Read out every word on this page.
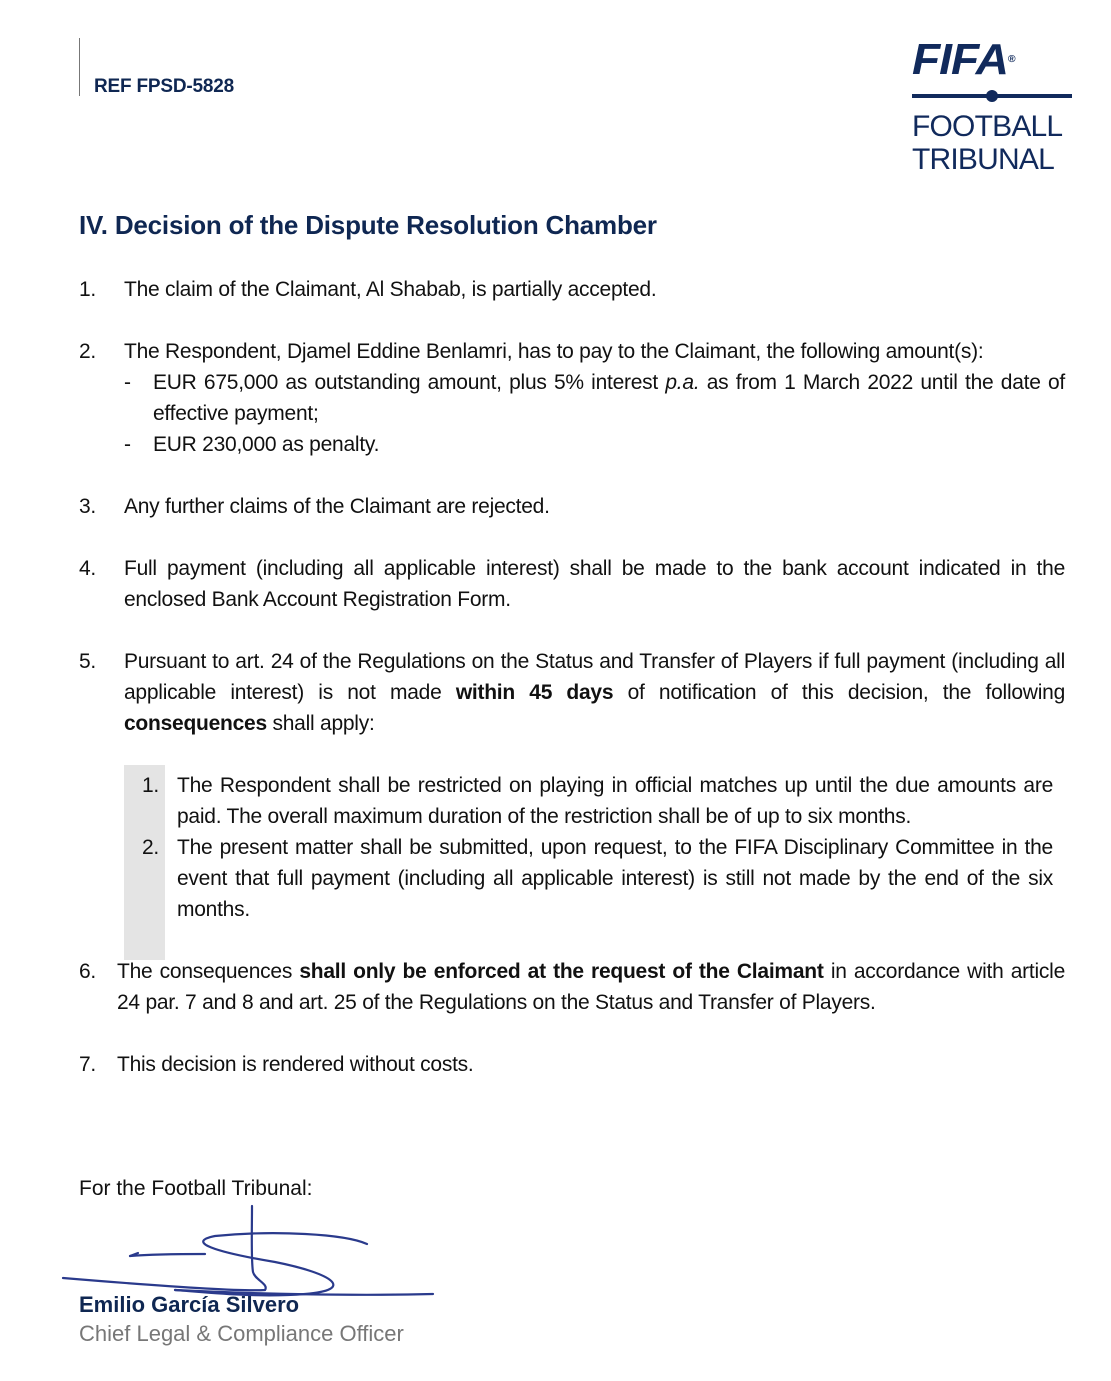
REF FPSD-5828
FIFA®
FOOTBALL
TRIBUNAL
IV. Decision of the Dispute Resolution Chamber
1.	The claim of the Claimant, Al Shabab, is partially accepted.
2.	The Respondent, Djamel Eddine Benlamri, has to pay to the Claimant, the following amount(s):
-	EUR 675,000 as outstanding amount, plus 5% interest p.a. as from 1 March 2022 until the date of effective payment;
-	EUR 230,000 as penalty.
3.	Any further claims of the Claimant are rejected.
4.	Full payment (including all applicable interest) shall be made to the bank account indicated in the enclosed Bank Account Registration Form.
5.	Pursuant to art. 24 of the Regulations on the Status and Transfer of Players if full payment (including all applicable interest) is not made within 45 days of notification of this decision, the following consequences shall apply:
1. The Respondent shall be restricted on playing in official matches up until the due amounts are paid. The overall maximum duration of the restriction shall be of up to six months.
2. The present matter shall be submitted, upon request, to the FIFA Disciplinary Committee in the event that full payment (including all applicable interest) is still not made by the end of the six months.
6. The consequences shall only be enforced at the request of the Claimant in accordance with article 24 par. 7 and 8 and art. 25 of the Regulations on the Status and Transfer of Players.
7. This decision is rendered without costs.
For the Football Tribunal:
Emilio García Silvero
Chief Legal & Compliance Officer
